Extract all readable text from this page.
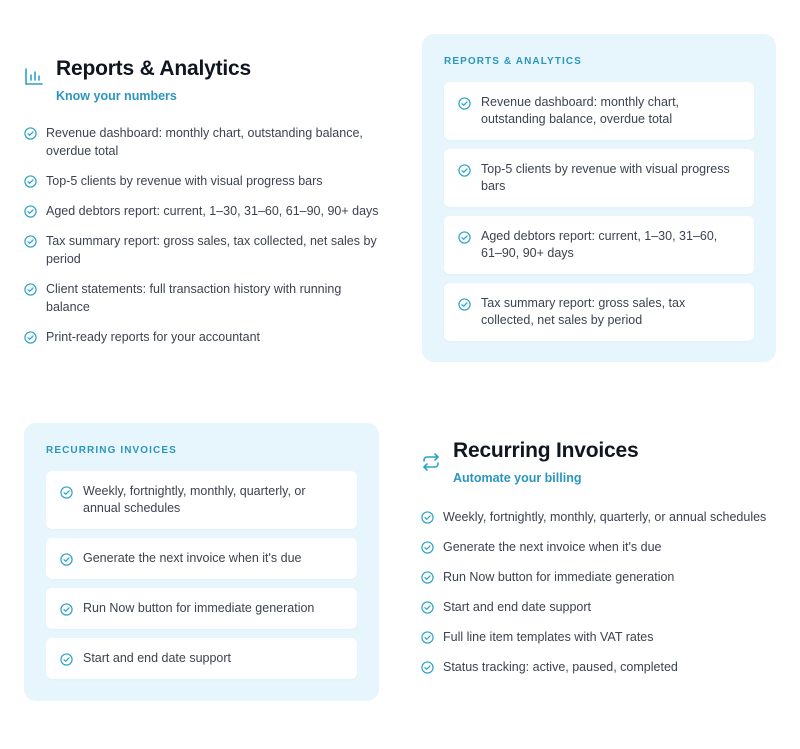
Reports & Analytics
Know your numbers
Revenue dashboard: monthly chart, outstanding balance, overdue total
Top-5 clients by revenue with visual progress bars
Aged debtors report: current, 1–30, 31–60, 61–90, 90+ days
Tax summary report: gross sales, tax collected, net sales by period
Client statements: full transaction history with running balance
Print-ready reports for your accountant
REPORTS & ANALYTICS
Revenue dashboard: monthly chart, outstanding balance, overdue total
Top-5 clients by revenue with visual progress bars
Aged debtors report: current, 1–30, 31–60, 61–90, 90+ days
Tax summary report: gross sales, tax collected, net sales by period
RECURRING INVOICES
Weekly, fortnightly, monthly, quarterly, or annual schedules
Generate the next invoice when it's due
Run Now button for immediate generation
Start and end date support
Recurring Invoices
Automate your billing
Weekly, fortnightly, monthly, quarterly, or annual schedules
Generate the next invoice when it's due
Run Now button for immediate generation
Start and end date support
Full line item templates with VAT rates
Status tracking: active, paused, completed
